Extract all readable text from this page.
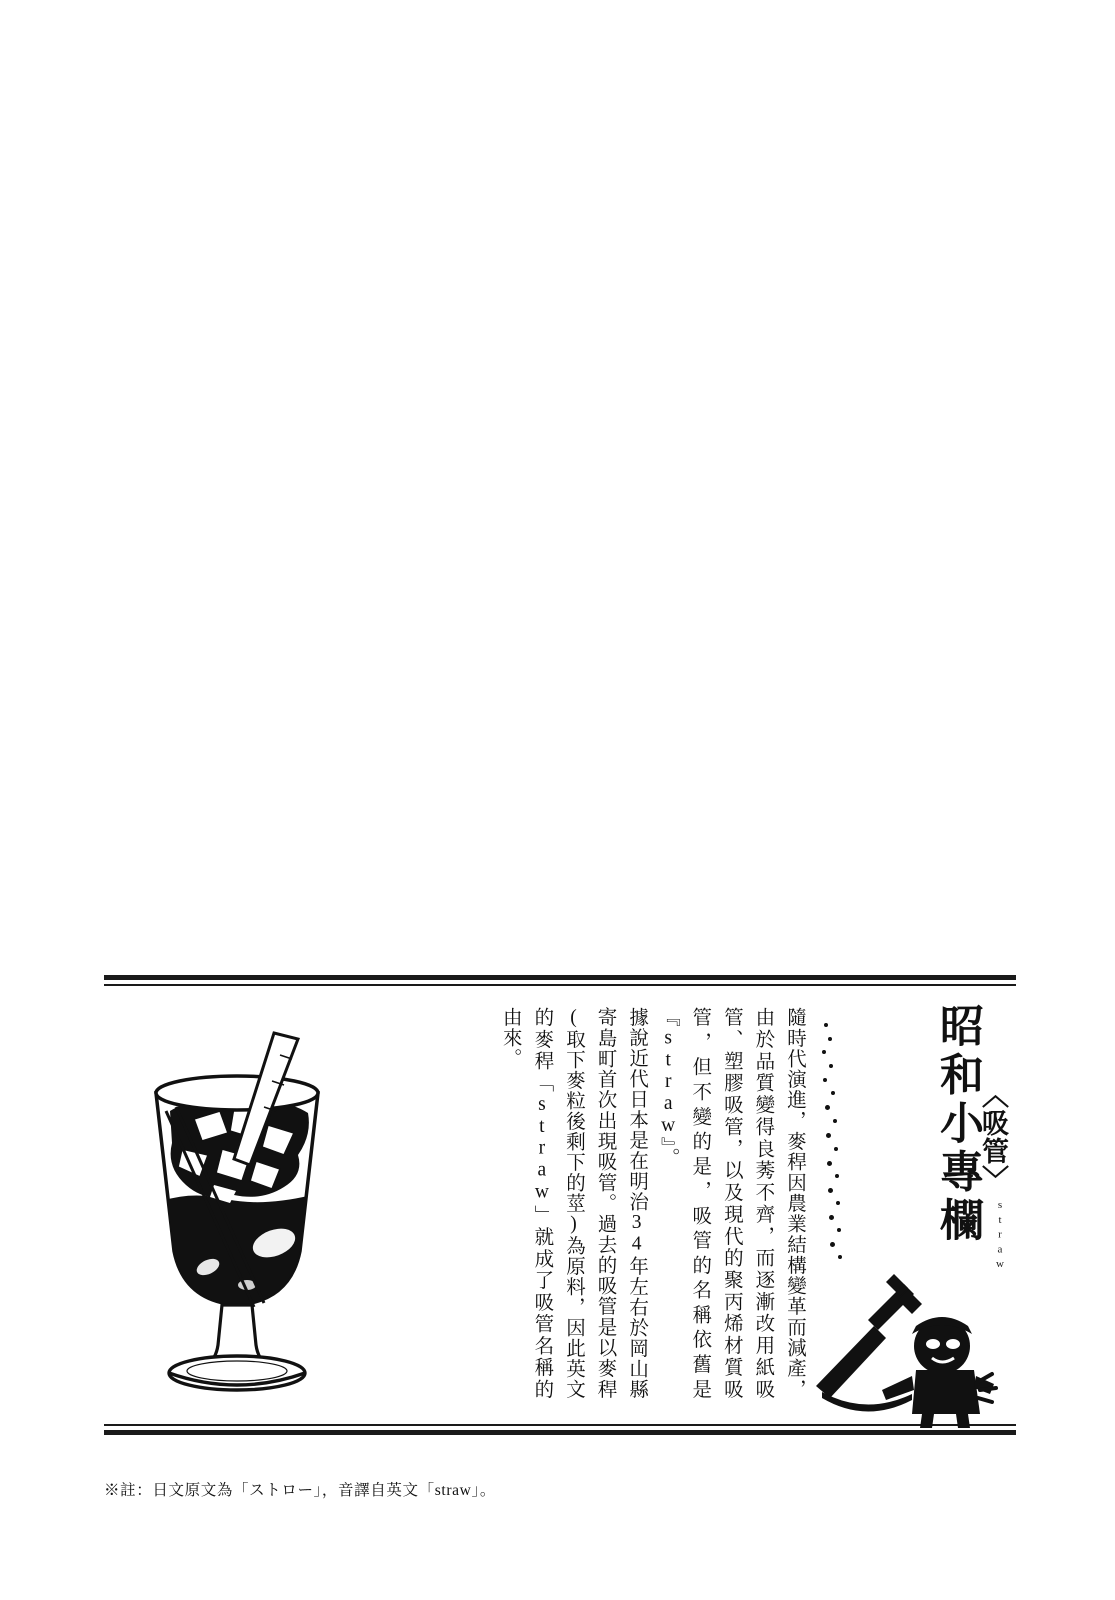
昭和小專欄
〈吸管〉
straw

據說近代日本是在明治34年左右於岡山縣寄島町首次出現吸管。過去的吸管是以麥稈(取下麥粒後剩下的莖)為原料，因此英文的麥稈「straw」就成了吸管名稱的由來。	隨時代演進，麥稈因農業結構變革而減產，由於品質變得良莠不齊，而逐漸改用紙吸管、塑膠吸管，以及現代的聚丙烯材質吸管，但不變的是，吸管的名稱依舊是『straw』。

※註：日文原文為「ストロー」，音譯自英文「straw」。
